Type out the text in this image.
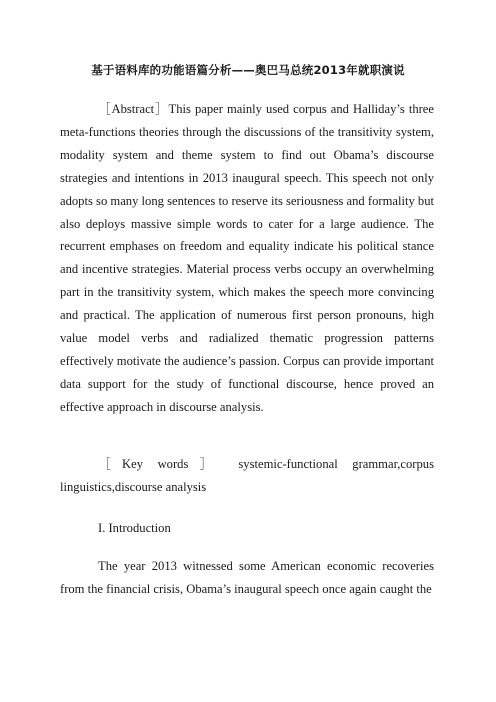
基于语料库的功能语篇分析——奥巴马总统2013年就职演说

［Abstract］This paper mainly used corpus and Halliday’s three meta-functions theories through the discussions of the transitivity system, modality system and theme system to find out Obama’s discourse strategies and intentions in 2013 inaugural speech. This speech not only adopts so many long sentences to reserve its seriousness and formality but also deploys massive simple words to cater for a large audience. The recurrent emphases on freedom and equality indicate his political stance and incentive strategies. Material process verbs occupy an overwhelming part in the transitivity system, which makes the speech more convincing and practical. The application of numerous first person pronouns, high value model verbs and radialized thematic progression patterns effectively motivate the audience’s passion. Corpus can provide important data support for the study of functional discourse, hence proved an effective approach in discourse analysis.

［Key words］ systemic-functional grammar,corpus linguistics,discourse analysis

I. Introduction

The year 2013 witnessed some American economic recoveries from the financial crisis, Obama’s inaugural speech once again caught the
